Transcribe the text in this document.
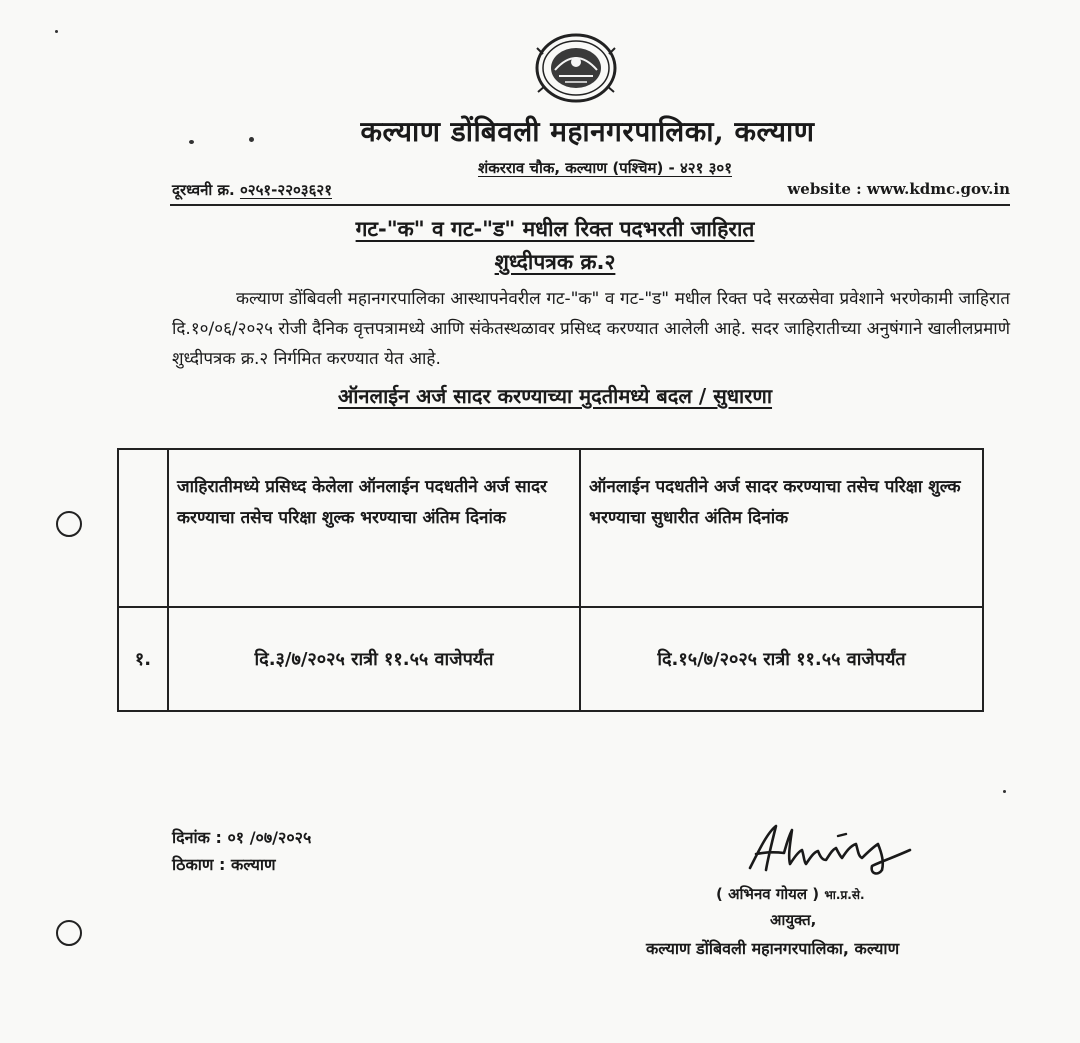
कल्याण डोंबिवली महानगरपालिका, कल्याण
शंकरराव चौक, कल्याण (पश्चिम) - ४२१ ३०१
दूरध्वनी क्र. ०२५१-२२०३६२१	website : www.kdmc.gov.in
गट-"क" व गट-"ड" मधील रिक्त पदभरती जाहिरात
शुध्दीपत्रक क्र.२
कल्याण डोंबिवली महानगरपालिका आस्थापनेवरील गट-"क" व गट-"ड" मधील रिक्त पदे सरळसेवा प्रवेशाने भरणेकामी जाहिरात दि.१०/०६/२०२५ रोजी दैनिक वृत्तपत्रामध्ये आणि संकेतस्थळावर प्रसिध्द करण्यात आलेली आहे. सदर जाहिरातीच्या अनुषंगाने खालीलप्रमाणे शुध्दीपत्रक क्र.२ निर्गमित करण्यात येत आहे.
ऑनलाईन अर्ज सादर करण्याच्या मुदतीमध्ये बदल / सुधारणा
	जाहिरातीमध्ये प्रसिध्द केलेला ऑनलाईन पदधतीने अर्ज सादर करण्याचा तसेच परिक्षा शुल्क भरण्याचा अंतिम दिनांक	ऑनलाईन पदधतीने अर्ज सादर करण्याचा तसेच परिक्षा शुल्क भरण्याचा सुधारीत अंतिम दिनांक
१.	दि.३/७/२०२५ रात्री ११.५५ वाजेपर्यंत	दि.१५/७/२०२५ रात्री ११.५५ वाजेपर्यंत
दिनांक : ०१ /०७/२०२५
ठिकाण : कल्याण
( अभिनव गोयल ) भा.प्र.से.
आयुक्त,
कल्याण डोंबिवली महानगरपालिका, कल्याण
